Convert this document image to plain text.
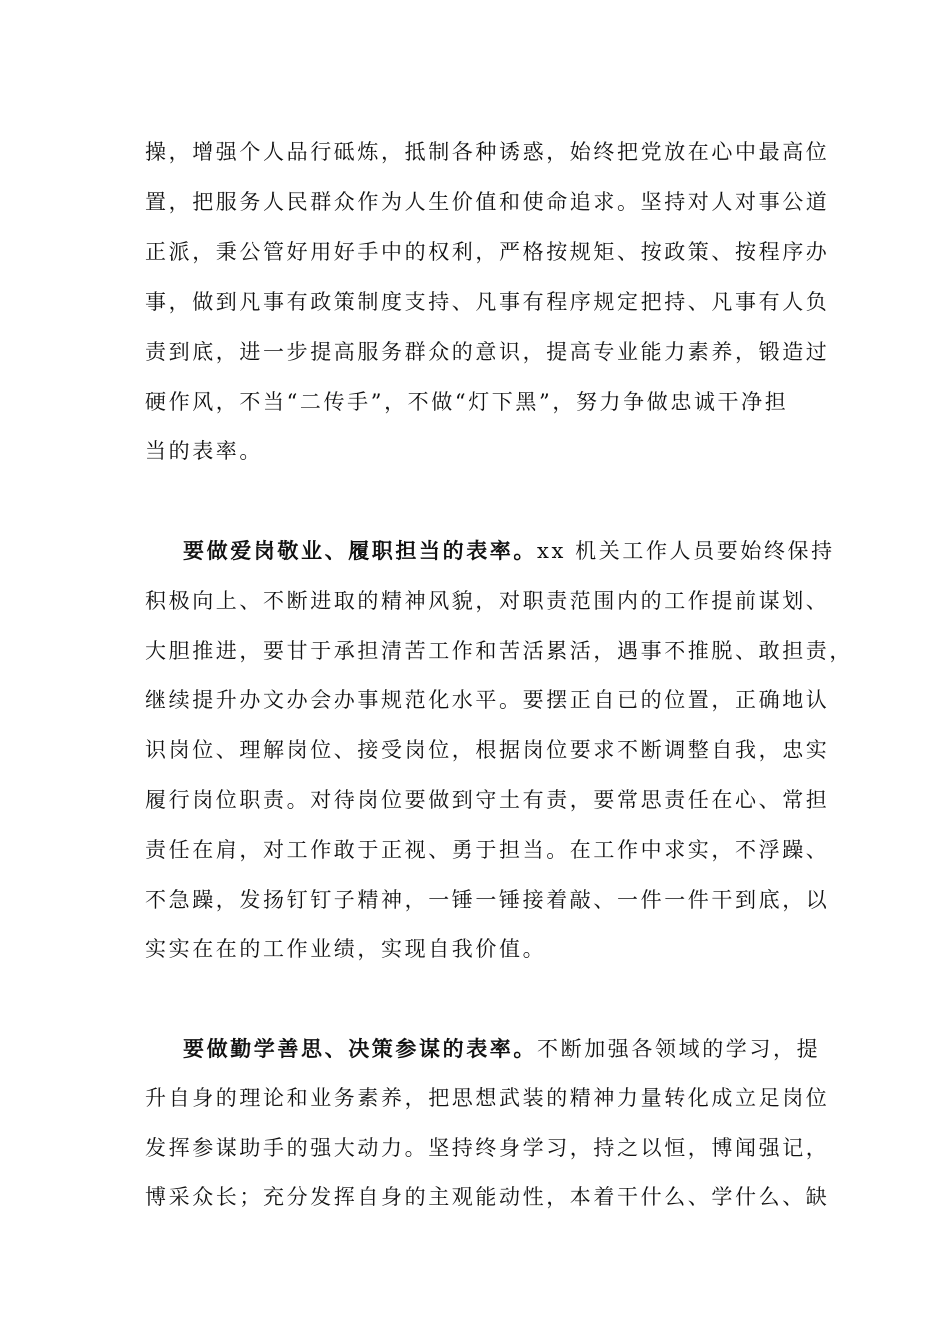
操，增强个人品行砥炼，抵制各种诱惑，始终把党放在心中最高位
置，把服务人民群众作为人生价值和使命追求。坚持对人对事公道
正派，秉公管好用好手中的权利，严格按规矩、按政策、按程序办
事，做到凡事有政策制度支持、凡事有程序规定把持、凡事有人负
责到底，进一步提高服务群众的意识，提高专业能力素养，锻造过
硬作风，不当“二传手”，不做“灯下黑”，努力争做忠诚干净担
当的表率。
要做爱岗敬业、履职担当的表率。xx 机关工作人员要始终保持
积极向上、不断进取的精神风貌，对职责范围内的工作提前谋划、
大胆推进，要甘于承担清苦工作和苦活累活，遇事不推脱、敢担责，
继续提升办文办会办事规范化水平。要摆正自已的位置，正确地认
识岗位、理解岗位、接受岗位，根据岗位要求不断调整自我，忠实
履行岗位职责。对待岗位要做到守土有责，要常思责任在心、常担
责任在肩，对工作敢于正视、勇于担当。在工作中求实，不浮躁、
不急躁，发扬钉钉子精神，一锤一锤接着敲、一件一件干到底，以
实实在在的工作业绩，实现自我价值。
要做勤学善思、决策参谋的表率。不断加强各领域的学习，提
升自身的理论和业务素养，把思想武装的精神力量转化成立足岗位
发挥参谋助手的强大动力。坚持终身学习，持之以恒，博闻强记，
博采众长；充分发挥自身的主观能动性，本着干什么、学什么、缺
